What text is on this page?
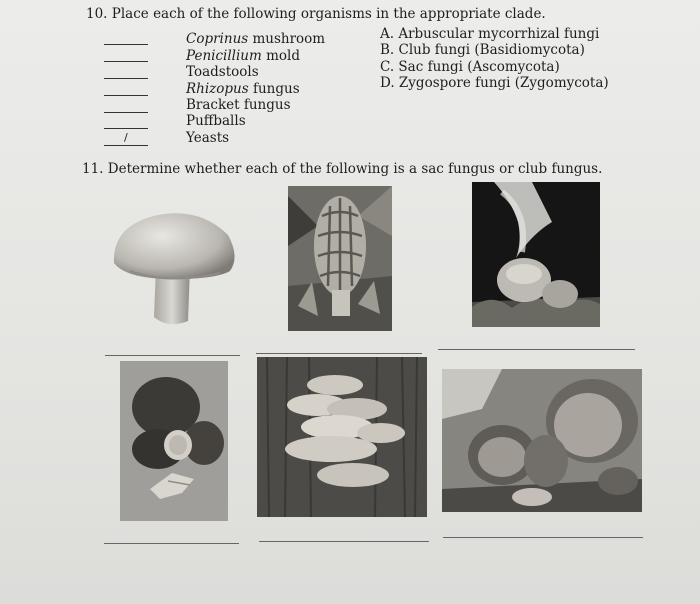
10. Place each of the following organisms in the appropriate clade.
Coprinus mushroom
Penicillium mold
Toadstools
Rhizopus fungus
Bracket fungus
Puffballs
/	Yeasts
A. Arbuscular mycorrhizal fungi
B. Club fungi (Basidiomycota)
C. Sac fungi (Ascomycota)
D. Zygospore fungi (Zygomycota)
11. Determine whether each of the following is a sac fungus or club fungus.
